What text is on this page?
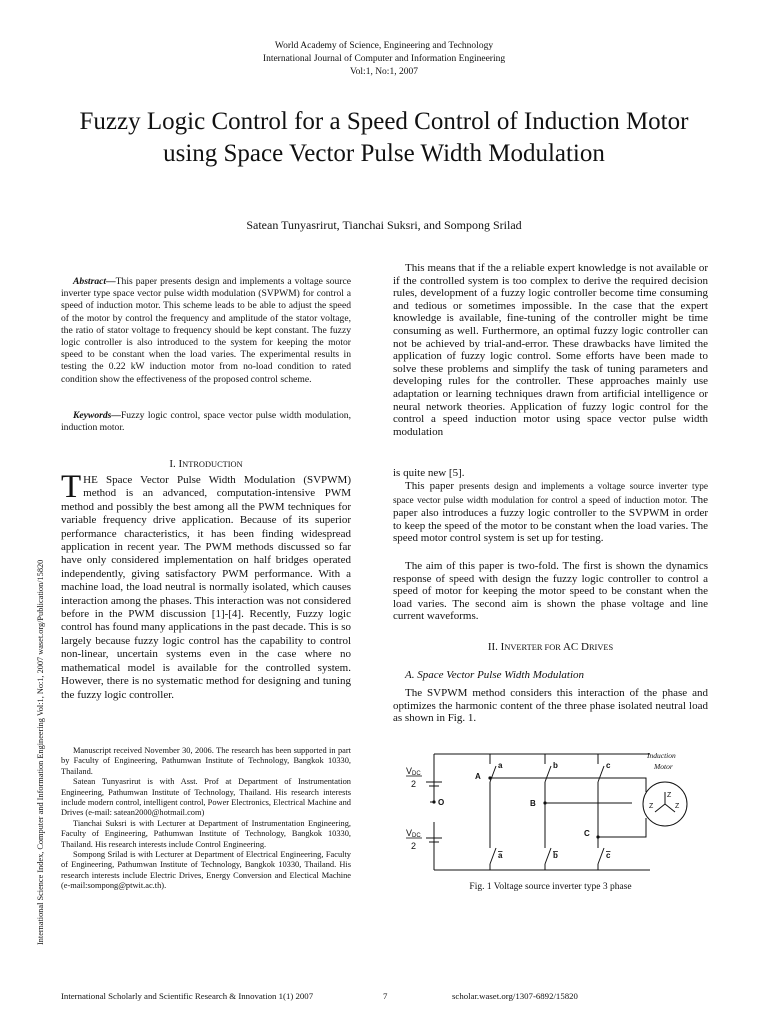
World Academy of Science, Engineering and Technology
International Journal of Computer and Information Engineering
Vol:1, No:1, 2007
Fuzzy Logic Control for a Speed Control of Induction Motor using Space Vector Pulse Width Modulation
Satean Tunyasrirut, Tianchai Suksri, and Sompong Srilad
International Science Index, Computer and Information Engineering Vol:1, No:1, 2007 waset.org/Publication/15820

Abstract—This paper presents design and implements a voltage source inverter type space vector pulse width modulation (SVPWM) for control a speed of induction motor. This scheme leads to be able to adjust the speed of the motor by control the frequency and amplitude of the stator voltage, the ratio of stator voltage to frequency should be kept constant. The fuzzy logic controller is also introduced to the system for keeping the motor speed to be constant when the load varies. The experimental results in testing the 0.22 kW induction motor from no-load condition to rated condition show the effectiveness of the proposed control scheme.

Keywords—Fuzzy logic control, space vector pulse width modulation, induction motor.

I. INTRODUCTION

THE Space Vector Pulse Width Modulation (SVPWM) method is an advanced, computation-intensive PWM method and possibly the best among all the PWM techniques for variable frequency drive application. Because of its superior performance characteristics, it has been finding widespread application in recent year. The PWM methods discussed so far have only considered implementation on half bridges operated independently, giving satisfactory PWM performance. With a machine load, the load neutral is normally isolated, which causes interaction among the phases. This interaction was not considered before in the PWM discussion [1]-[4]. Recently, Fuzzy logic control has found many applications in the past decade. This is so largely because fuzzy logic control has the capability to control non-linear, uncertain systems even in the case where no mathematical model is available for the controlled system. However, there is no systematic method for designing and tuning the fuzzy logic controller.

Manuscript received November 30, 2006. The research has been supported in part by Faculty of Engineering, Pathumwan Institute of Technology, Bangkok 10330, Thailand.

Satean Tunyasrirut is with Asst. Prof at Department of Instrumentation Engineering, Pathumwan Institute of Technology, Thailand. His research interests include modern control, intelligent control, Power Electronics, Electrical Machine and Drives (e-mail: satean2000@hotmail.com)

Tianchai Suksri is with Lecturer at Department of Instrumentation Engineering, Faculty of Engineering, Pathumwan Institute of Technology, Bangkok 10330, Thailand. His research interests include Control Engineering.

Sompong Srilad is with Lecturer at Department of Electrical Engineering, Faculty of Engineering, Pathumwan Institute of Technology, Bangkok 10330, Thailand. His research interests include Electric Drives, Energy Conversion and Electical Machine (e-mail:sompong@ptwit.ac.th).

This means that if the a reliable expert knowledge is not available or if the controlled system is too complex to derive the required decision rules, development of a fuzzy logic controller become time consuming and tedious or sometimes impossible. In the case that the expert knowledge is available, fine-tuning of the controller might be time consuming as well. Furthermore, an optimal fuzzy logic controller can not be achieved by trial-and-error. These drawbacks have limited the application of fuzzy logic control. Some efforts have been made to solve these problems and simplify the task of tuning parameters and developing rules for the controller. These approaches mainly use adaptation or learning techniques drawn from artificial intelligence or neural network theories. Application of fuzzy logic control for the control a speed induction motor using space vector pulse width modulation
is quite new [5].
This paper presents design and implements a voltage source inverter type space vector pulse width modulation for control a speed of induction motor. The paper also introduces a fuzzy logic controller to the SVPWM in order to keep the speed of the motor to be constant when the load varies. The speed motor control system is set up for testing.
The aim of this paper is two-fold. The first is shown the dynamics response of speed with design the fuzzy logic controller to control a speed of motor for keeping the motor speed to be constant when the load varies. The second aim is shown the phase voltage and line current waveforms.
II. INVERTER FOR AC DRIVES
A. Space Vector Pulse Width Modulation
The SVPWM method considers this interaction of the phase and optimizes the harmonic content of the three phase isolated neutral load as shown in Fig. 1.
VDC
2
VDC
2
O
A
B
C
a	b	c
a	b	c
Induction
Motor
Z
Z	Z
Fig. 1 Voltage source inverter type 3 phase
International Scholarly and Scientific Research & Innovation 1(1) 2007	7	scholar.waset.org/1307-6892/15820
